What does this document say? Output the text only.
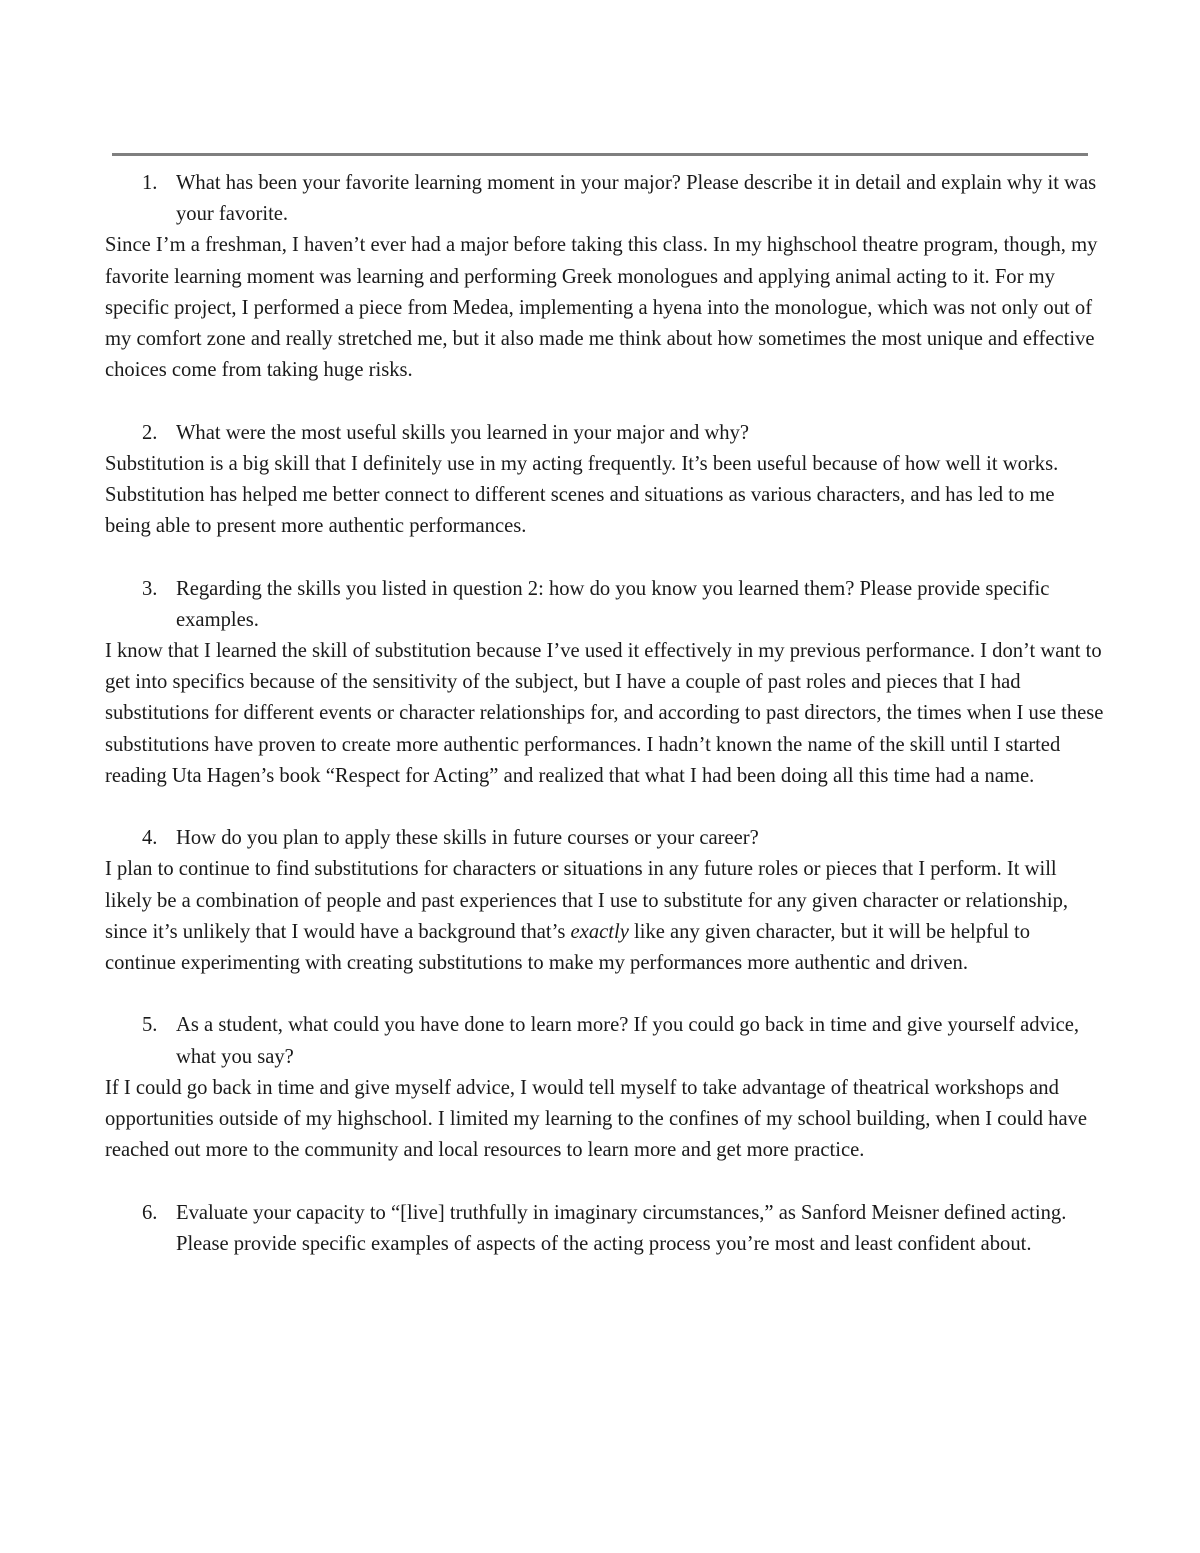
1. What has been your favorite learning moment in your major? Please describe it in detail and explain why it was your favorite.

Since I’m a freshman, I haven’t ever had a major before taking this class. In my highschool theatre program, though, my favorite learning moment was learning and performing Greek monologues and applying animal acting to it. For my specific project, I performed a piece from Medea, implementing a hyena into the monologue, which was not only out of my comfort zone and really stretched me, but it also made me think about how sometimes the most unique and effective choices come from taking huge risks.

2. What were the most useful skills you learned in your major and why?

Substitution is a big skill that I definitely use in my acting frequently. It’s been useful because of how well it works. Substitution has helped me better connect to different scenes and situations as various characters, and has led to me being able to present more authentic performances.

3. Regarding the skills you listed in question 2: how do you know you learned them? Please provide specific examples.

I know that I learned the skill of substitution because I’ve used it effectively in my previous performance. I don’t want to get into specifics because of the sensitivity of the subject, but I have a couple of past roles and pieces that I had substitutions for different events or character relationships for, and according to past directors, the times when I use these substitutions have proven to create more authentic performances. I hadn’t known the name of the skill until I started reading Uta Hagen’s book “Respect for Acting” and realized that what I had been doing all this time had a name.

4. How do you plan to apply these skills in future courses or your career?

I plan to continue to find substitutions for characters or situations in any future roles or pieces that I perform. It will likely be a combination of people and past experiences that I use to substitute for any given character or relationship, since it’s unlikely that I would have a background that’s exactly like any given character, but it will be helpful to continue experimenting with creating substitutions to make my performances more authentic and driven.

5. As a student, what could you have done to learn more? If you could go back in time and give yourself advice, what you say?

If I could go back in time and give myself advice, I would tell myself to take advantage of theatrical workshops and opportunities outside of my highschool. I limited my learning to the confines of my school building, when I could have reached out more to the community and local resources to learn more and get more practice.

6. Evaluate your capacity to “[live] truthfully in imaginary circumstances,” as Sanford Meisner defined acting. Please provide specific examples of aspects of the acting process you’re most and least confident about.
